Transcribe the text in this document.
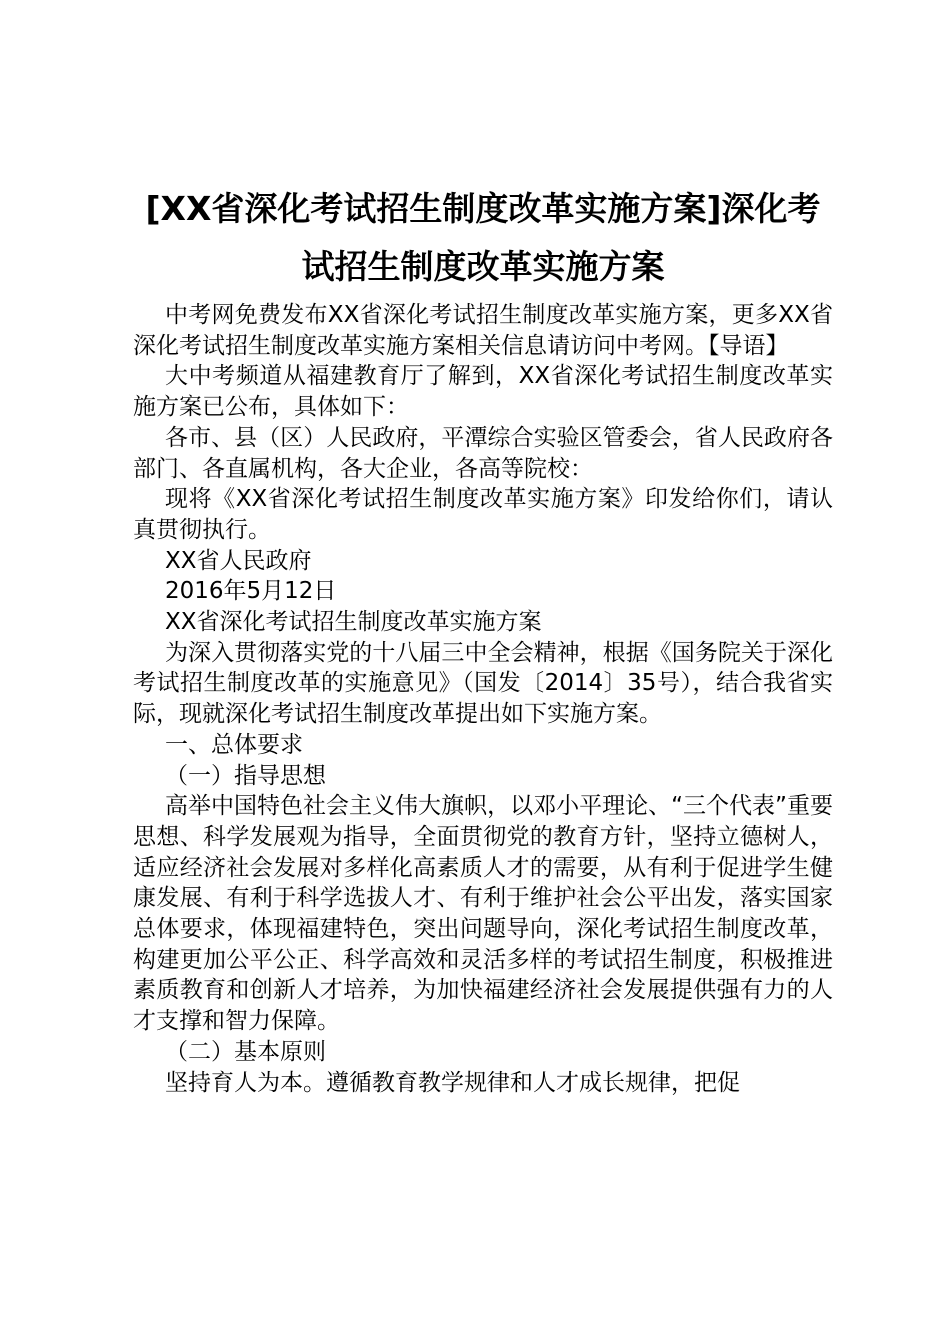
[XX省深化考试招生制度改革实施方案]深化考试招生制度改革实施方案

中考网免费发布XX省深化考试招生制度改革实施方案，更多XX省深化考试招生制度改革实施方案相关信息请访问中考网。【导语】

大中考频道从福建教育厅了解到，XX省深化考试招生制度改革实施方案已公布，具体如下：

各市、县（区）人民政府，平潭综合实验区管委会，省人民政府各部门、各直属机构，各大企业，各高等院校：

现将《XX省深化考试招生制度改革实施方案》印发给你们，请认真贯彻执行。

XX省人民政府

2016年5月12日

XX省深化考试招生制度改革实施方案

为深入贯彻落实党的十八届三中全会精神，根据《国务院关于深化考试招生制度改革的实施意见》（国发〔2014〕35号），结合我省实际，现就深化考试招生制度改革提出如下实施方案。

一、总体要求

（一）指导思想

高举中国特色社会主义伟大旗帜，以邓小平理论、“三个代表”重要思想、科学发展观为指导，全面贯彻党的教育方针，坚持立德树人，适应经济社会发展对多样化高素质人才的需要，从有利于促进学生健康发展、有利于科学选拔人才、有利于维护社会公平出发，落实国家总体要求，体现福建特色，突出问题导向，深化考试招生制度改革，构建更加公平公正、科学高效和灵活多样的考试招生制度，积极推进素质教育和创新人才培养，为加快福建经济社会发展提供强有力的人才支撑和智力保障。

（二）基本原则

坚持育人为本。遵循教育教学规律和人才成长规律，把促
